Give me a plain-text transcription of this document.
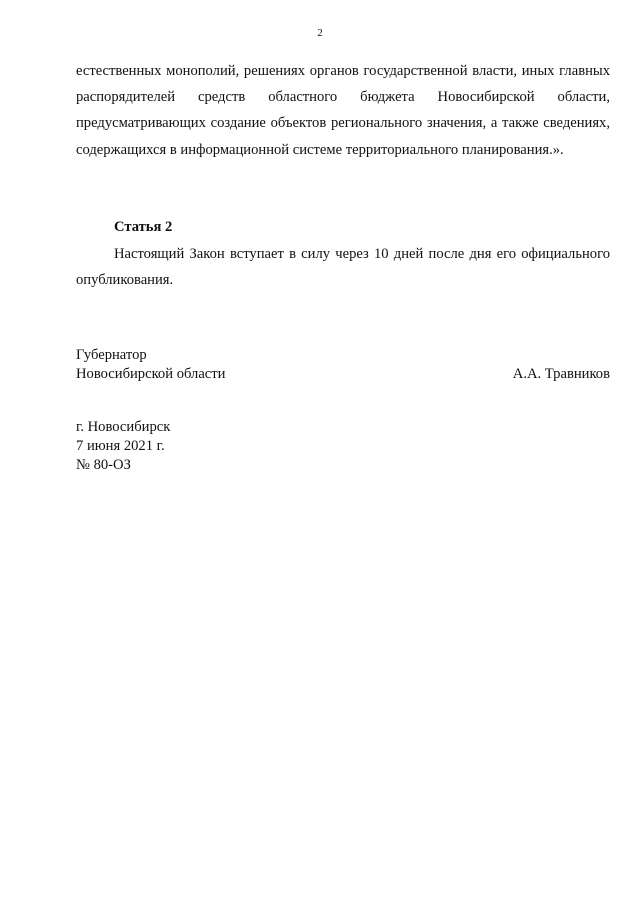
2
естественных монополий, решениях органов государственной власти, иных главных распорядителей средств областного бюджета Новосибирской области, предусматривающих создание объектов регионального значения, а также сведениях, содержащихся в информационной системе территориального планирования.».
Статья 2
Настоящий Закон вступает в силу через 10 дней после дня его официального опубликования.
Губернатор
Новосибирской области	А.А. Травников
г. Новосибирск
7 июня 2021 г.
№ 80-ОЗ
